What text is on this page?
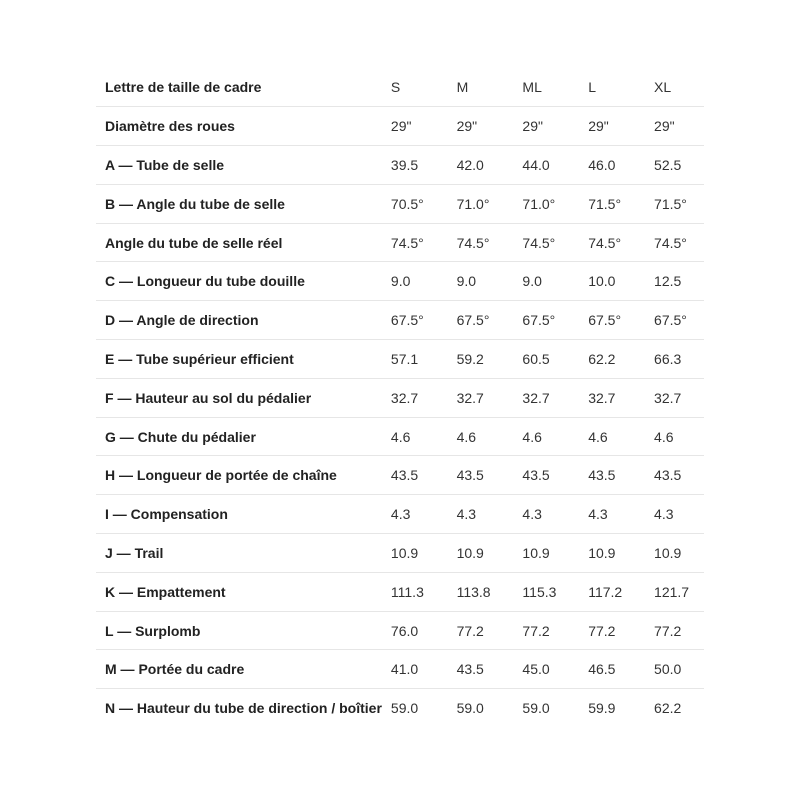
Lettre de taille de cadre	S	M	ML	L	XL
Diamètre des roues	29"	29"	29"	29"	29"
A — Tube de selle	39.5	42.0	44.0	46.0	52.5
B — Angle du tube de selle	70.5°	71.0°	71.0°	71.5°	71.5°
Angle du tube de selle réel	74.5°	74.5°	74.5°	74.5°	74.5°
C — Longueur du tube douille	9.0	9.0	9.0	10.0	12.5
D — Angle de direction	67.5°	67.5°	67.5°	67.5°	67.5°
E — Tube supérieur efficient	57.1	59.2	60.5	62.2	66.3
F — Hauteur au sol du pédalier	32.7	32.7	32.7	32.7	32.7
G — Chute du pédalier	4.6	4.6	4.6	4.6	4.6
H — Longueur de portée de chaîne	43.5	43.5	43.5	43.5	43.5
I — Compensation	4.3	4.3	4.3	4.3	4.3
J — Trail	10.9	10.9	10.9	10.9	10.9
K — Empattement	111.3	113.8	115.3	117.2	121.7
L — Surplomb	76.0	77.2	77.2	77.2	77.2
M — Portée du cadre	41.0	43.5	45.0	46.5	50.0
N — Hauteur du tube de direction / boîtier	59.0	59.0	59.0	59.9	62.2
